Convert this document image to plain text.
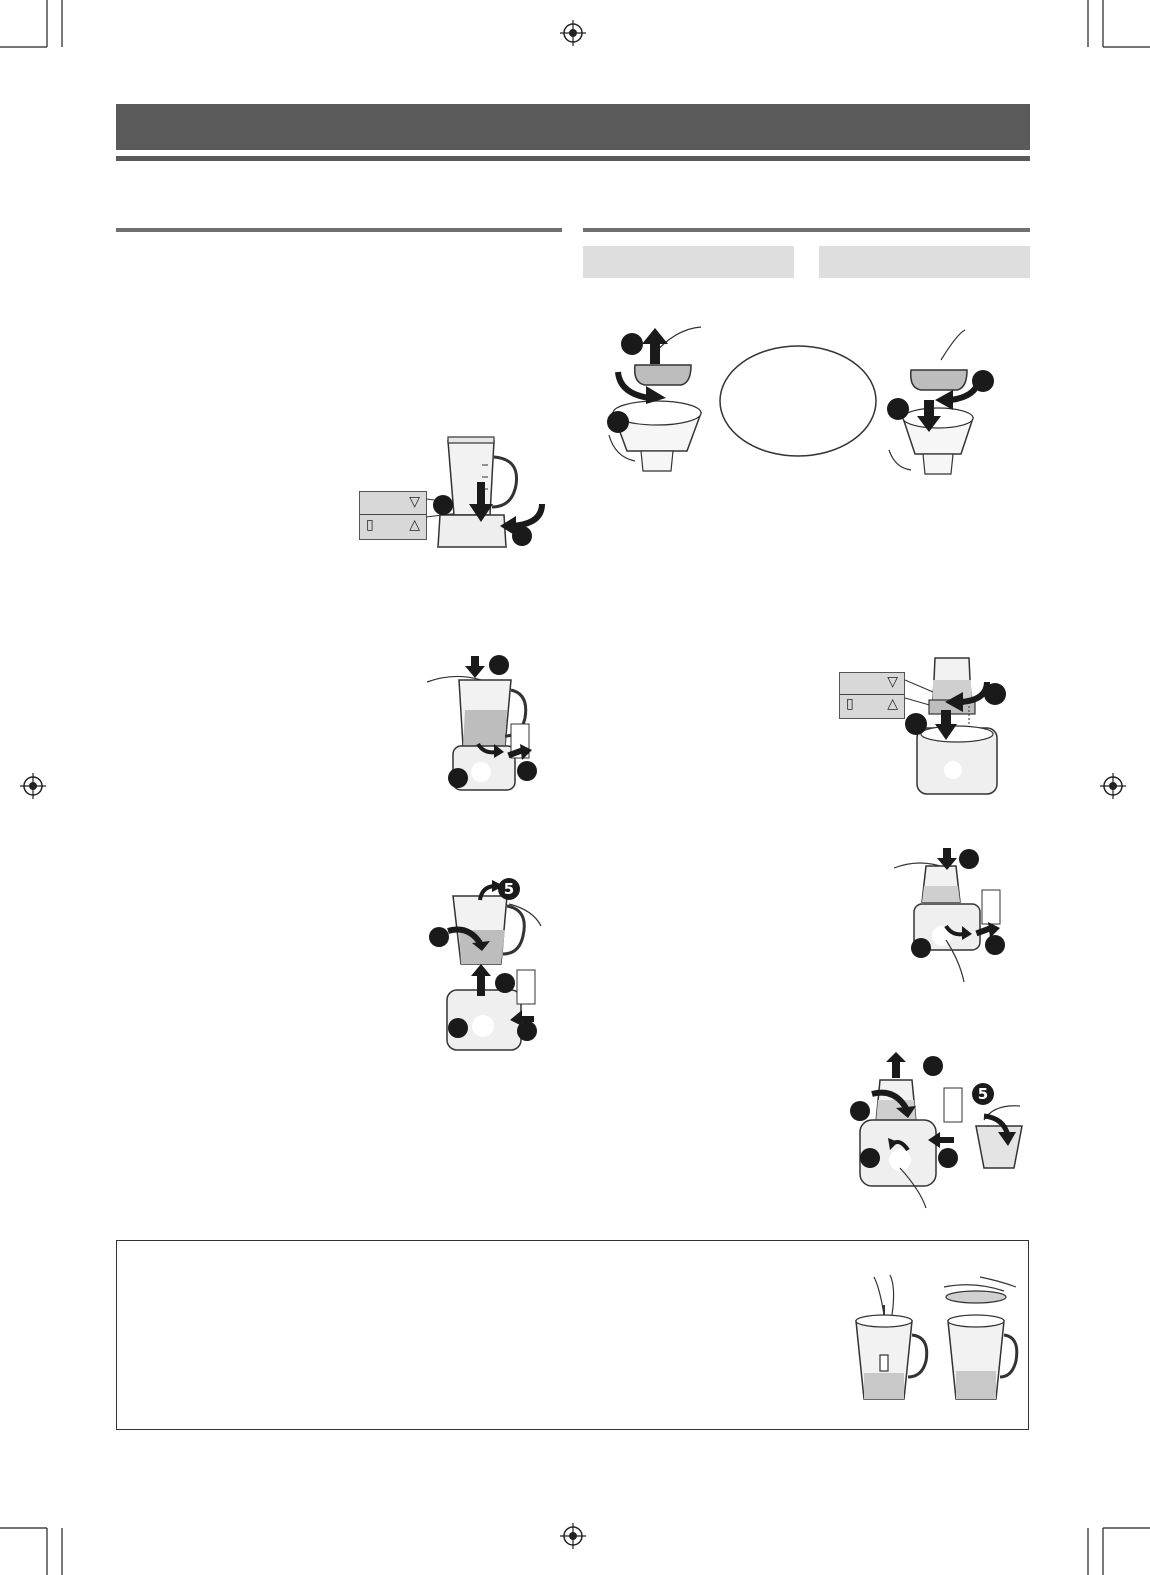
▽
▯	△
5
▽
▯ △
5
